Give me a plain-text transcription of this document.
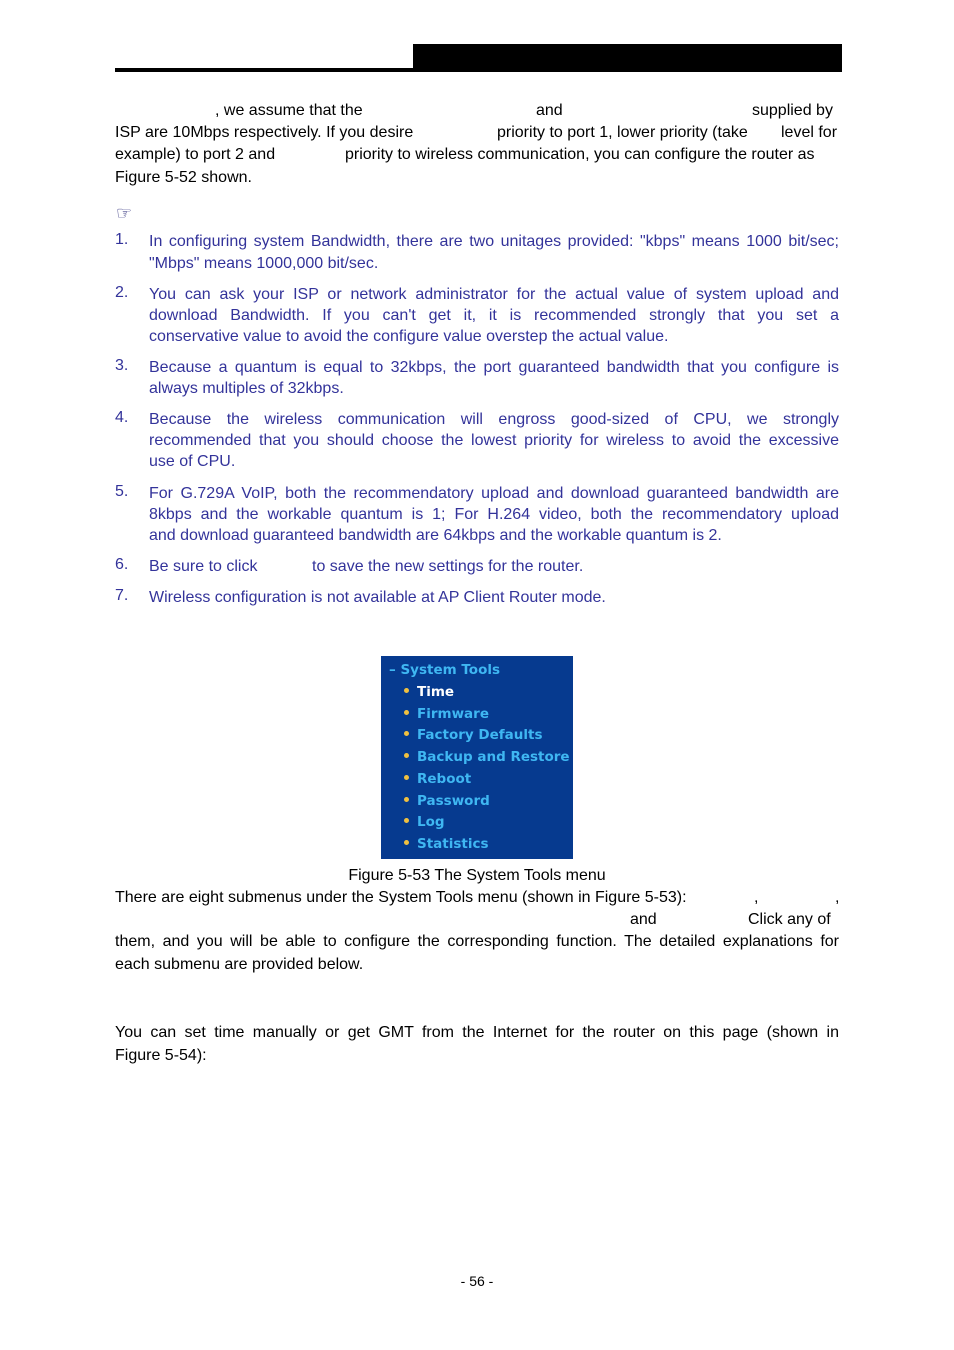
, we assume that the	and	supplied by
ISP are 10Mbps respectively. If you desire	priority to port 1, lower priority (take level for
example) to port 2 and	priority to wireless communication, you can configure the router as
Figure 5-52 shown.
☞
1. In configuring system Bandwidth, there are two unitages provided: "kbps" means 1000 bit/sec;
"Mbps" means 1000,000 bit/sec.
2. You can ask your ISP or network administrator for the actual value of system upload and
download Bandwidth. If you can't get it, it is recommended strongly that you set a
conservative value to avoid the configure value overstep the actual value.
3. Because a quantum is equal to 32kbps, the port guaranteed bandwidth that you configure is
always multiples of 32kbps.
4. Because the wireless communication will engross good-sized of CPU, we strongly
recommended that you should choose the lowest priority for wireless to avoid the excessive
use of CPU.
5. For G.729A VoIP, both the recommendatory upload and download guaranteed bandwidth are
8kbps and the workable quantum is 1; For H.264 video, both the recommendatory upload
and download guaranteed bandwidth are 64kbps and the workable quantum is 2.
6. Be sure to click	to save the new settings for the router.
7. Wireless configuration is not available at AP Client Router mode.
– System Tools
Time
Firmware
Factory Defaults
Backup and Restore
Reboot
Password
Log
Statistics
Figure 5-53 The System Tools menu
There are eight submenus under the System Tools menu (shown in Figure 5-53):	,	,
and	Click any of
them, and you will be able to configure the corresponding function. The detailed explanations for
each submenu are provided below.
You can set time manually or get GMT from the Internet for the router on this page (shown in
Figure 5-54):
- 56 -
